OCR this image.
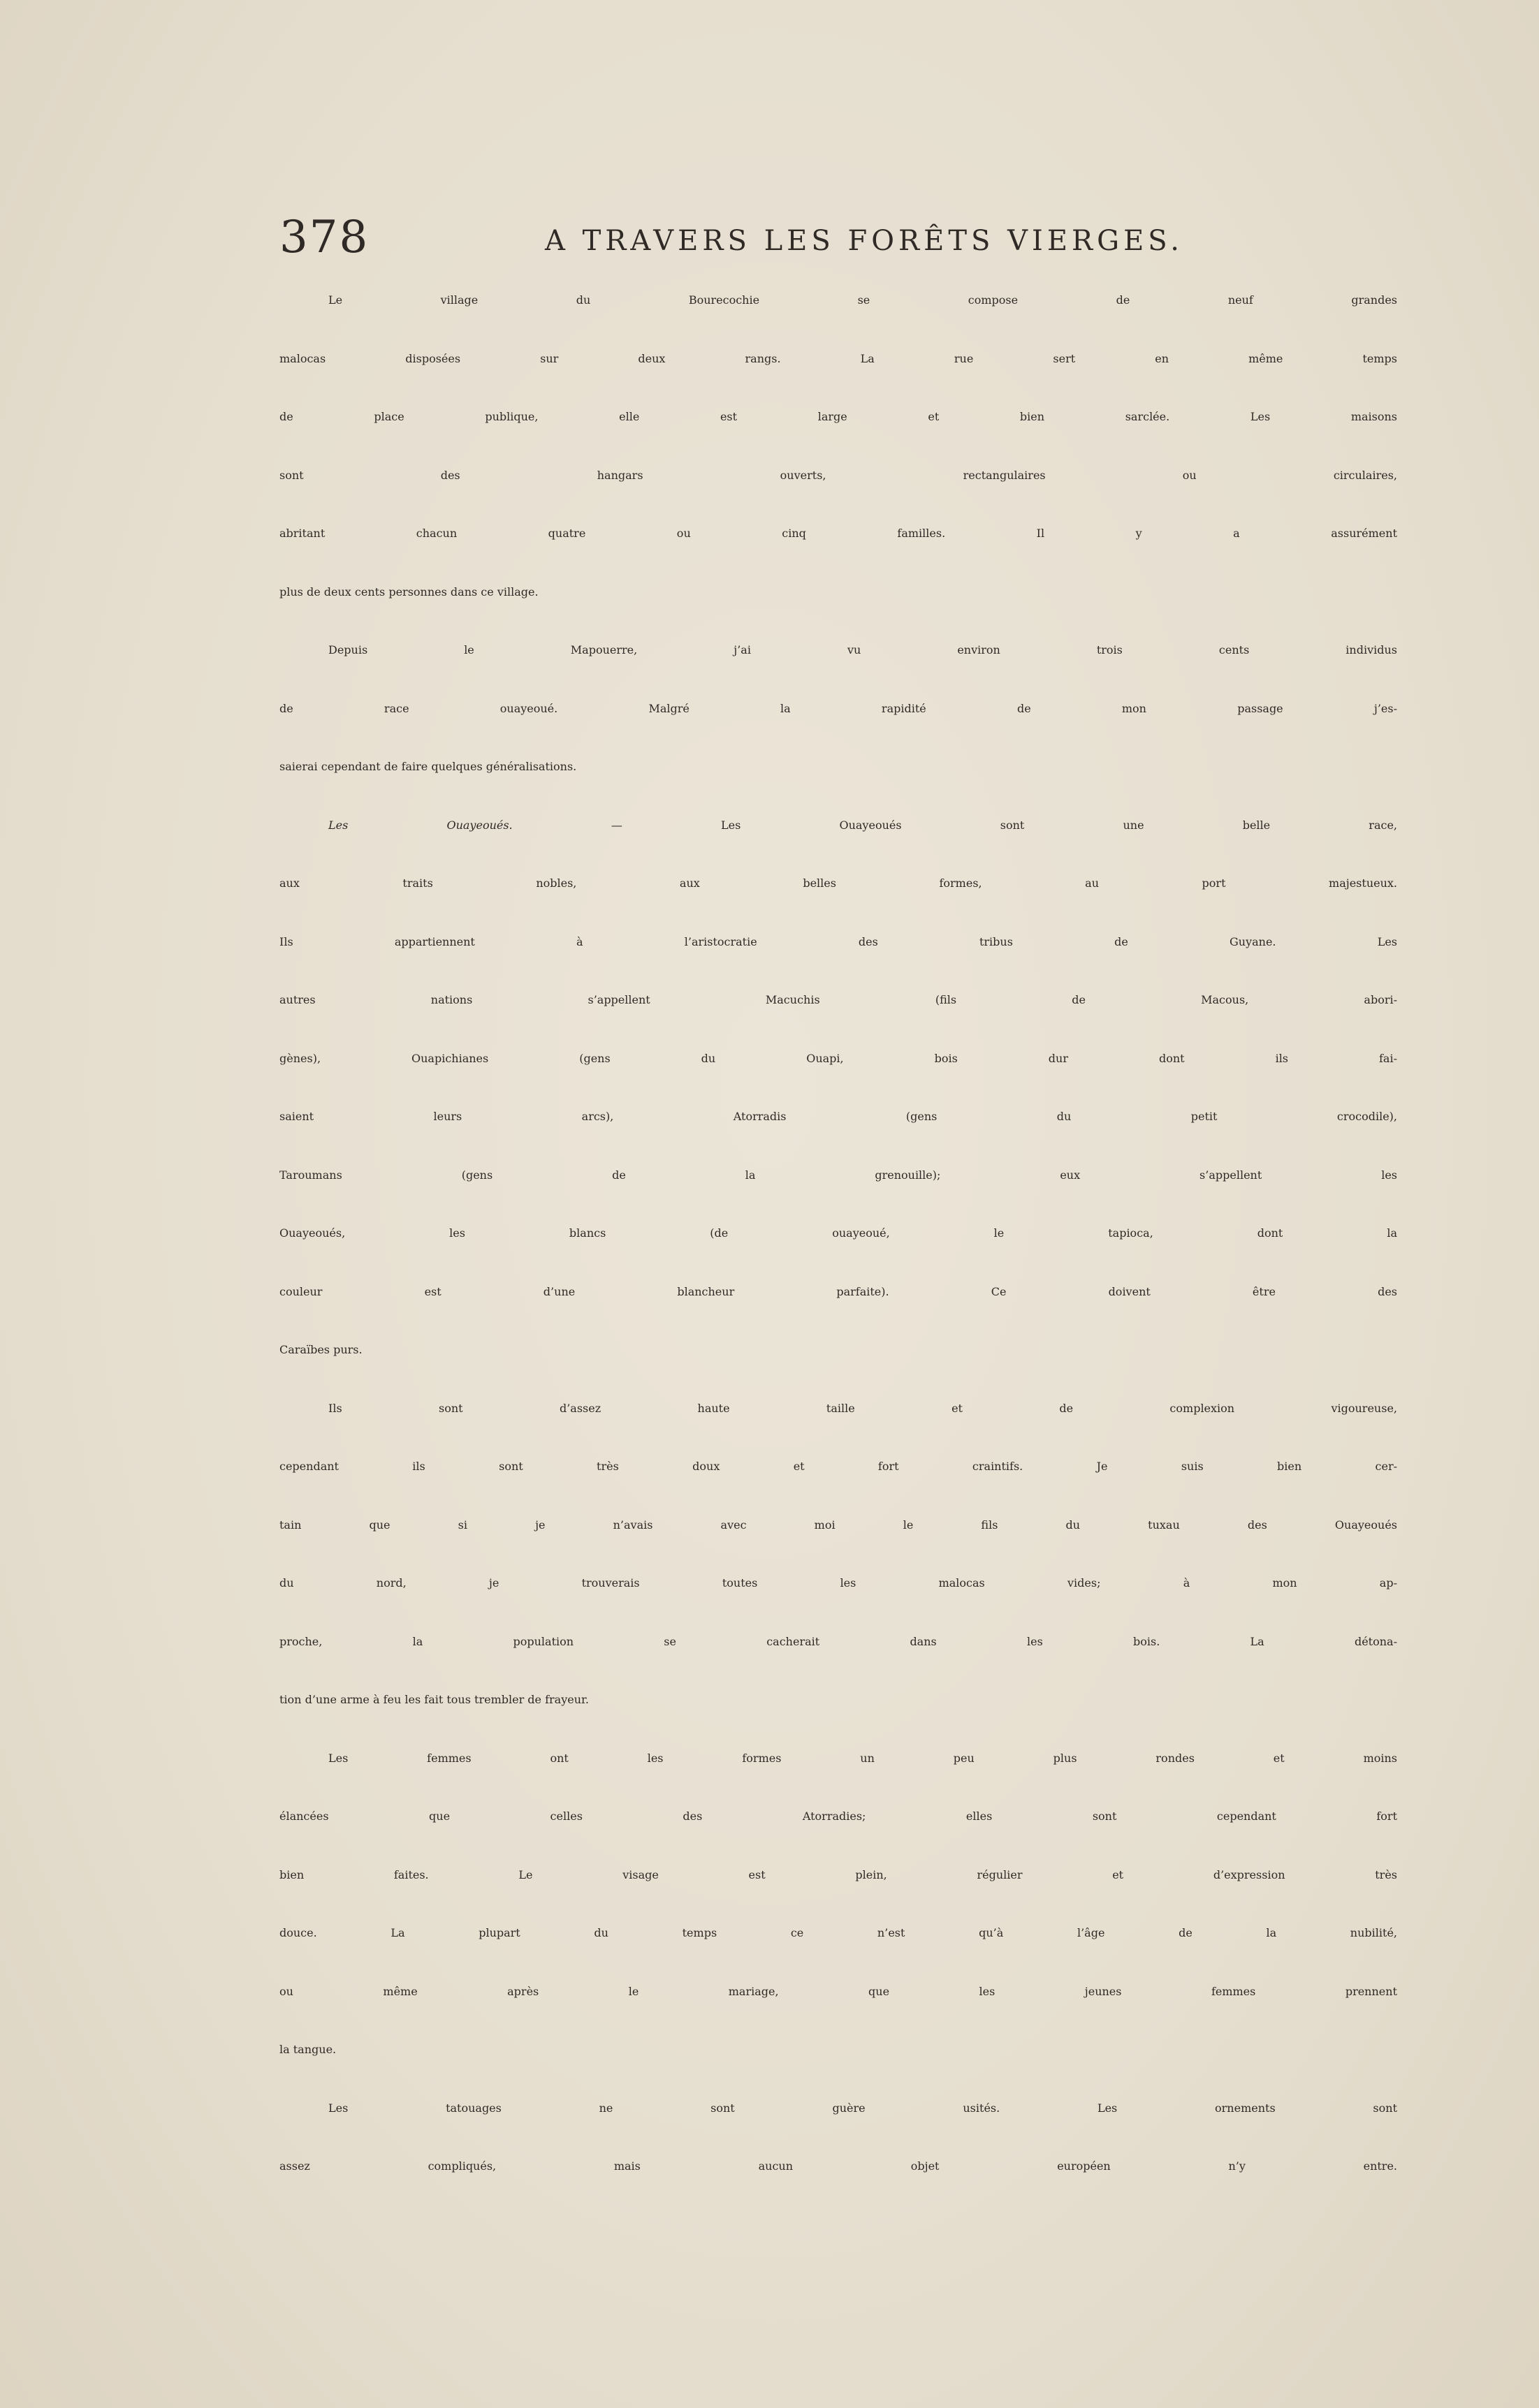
378	A TRAVERS LES FORÊTS VIERGES.
Le village du Bourecochie se compose de neuf grandes
malocas disposées sur deux rangs. La rue sert en même temps
de place publique, elle est large et bien sarclée. Les maisons
sont des hangars ouverts, rectangulaires ou circulaires,
abritant chacun quatre ou cinq familles. Il y a assurément
plus de deux cents personnes dans ce village.
Depuis le Mapouerre, j’ai vu environ trois cents individus
de race ouayeoué. Malgré la rapidité de mon passage j’es-
saierai cependant de faire quelques généralisations.
Les Ouayeoués. — Les Ouayeoués sont une belle race,
aux traits nobles, aux belles formes, au port majestueux.
Ils appartiennent à l’aristocratie des tribus de Guyane. Les
autres nations s’appellent Macuchis (fils de Macous, abori-
gènes), Ouapichianes (gens du Ouapi, bois dur dont ils fai-
saient leurs arcs), Atorradis (gens du petit crocodile),
Taroumans (gens de la grenouille); eux s’appellent les
Ouayeoués, les blancs (de ouayeoué, le tapioca, dont la
couleur est d’une blancheur parfaite). Ce doivent être des
Caraïbes purs.
Ils sont d’assez haute taille et de complexion vigoureuse,
cependant ils sont très doux et fort craintifs. Je suis bien cer-
tain que si je n’avais avec moi le fils du tuxau des Ouayeoués
du nord, je trouverais toutes les malocas vides; à mon ap-
proche, la population se cacherait dans les bois. La détona-
tion d’une arme à feu les fait tous trembler de frayeur.
Les femmes ont les formes un peu plus rondes et moins
élancées que celles des Atorradies; elles sont cependant fort
bien faites. Le visage est plein, régulier et d’expression très
douce. La plupart du temps ce n’est qu’à l’âge de la nubilité,
ou même après le mariage, que les jeunes femmes prennent
la tangue.
Les tatouages ne sont guère usités. Les ornements sont
assez compliqués, mais aucun objet européen n’y entre.
